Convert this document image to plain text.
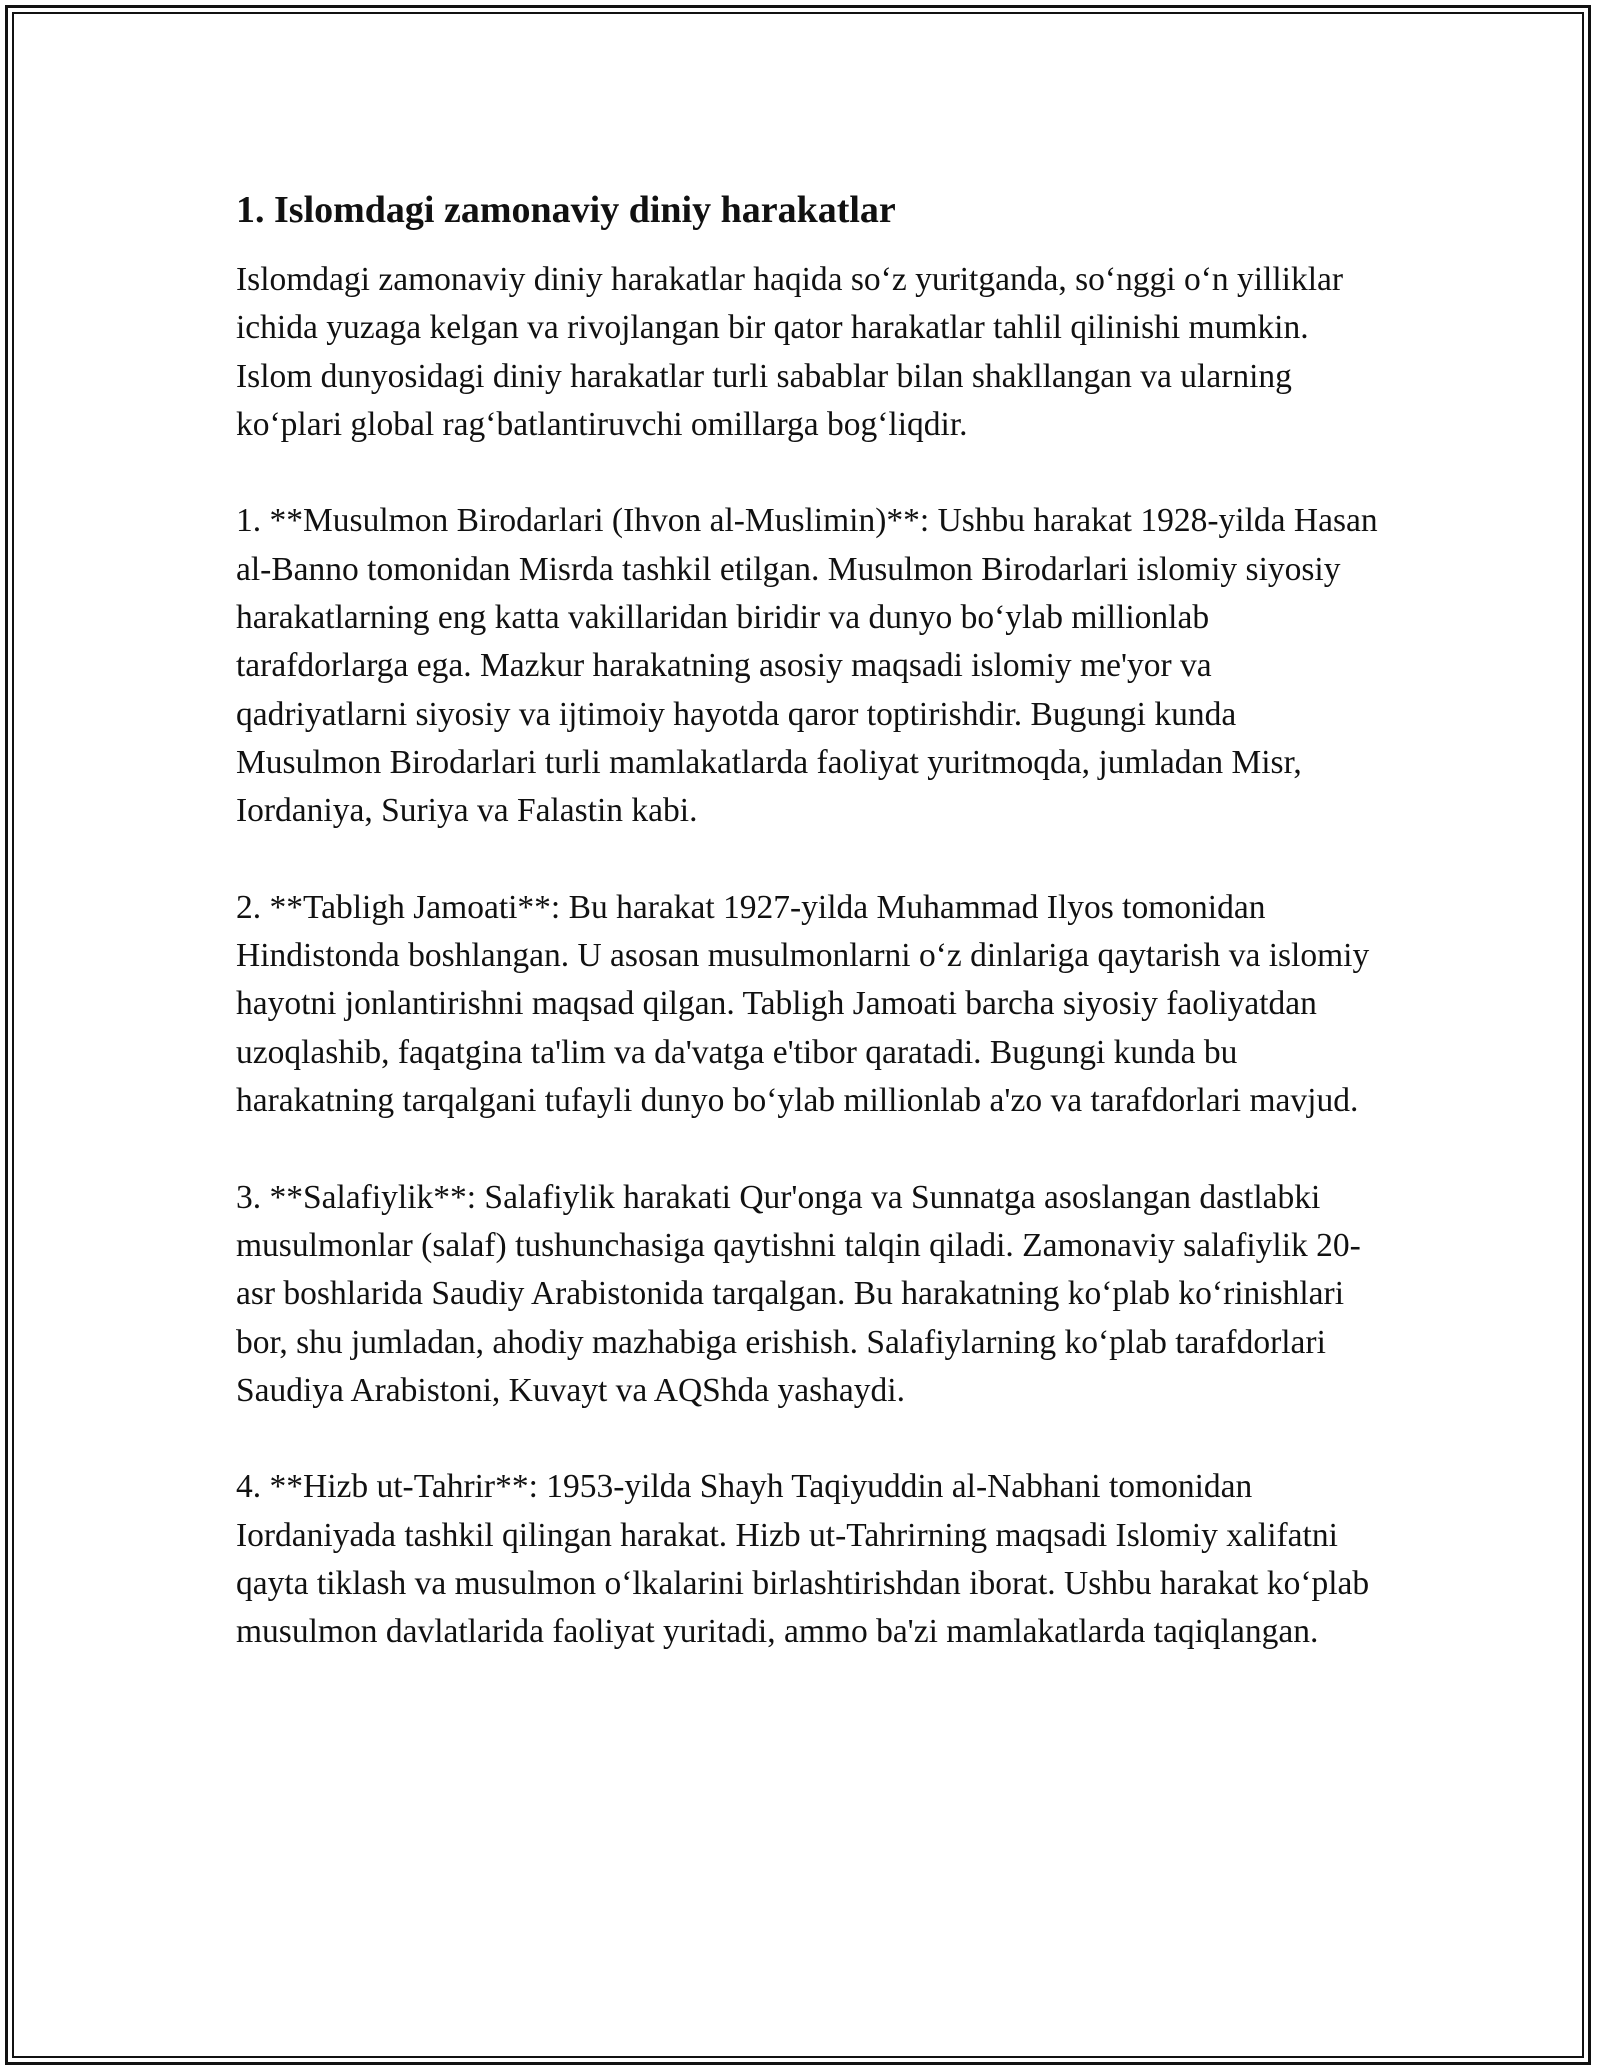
1. Islomdagi zamonaviy diniy harakatlar

Islomdagi zamonaviy diniy harakatlar haqida so‘z yuritganda, so‘nggi o‘n yilliklar ichida yuzaga kelgan va rivojlangan bir qator harakatlar tahlil qilinishi mumkin. Islom dunyosidagi diniy harakatlar turli sabablar bilan shakllangan va ularning ko‘plari global rag‘batlantiruvchi omillarga bog‘liqdir.

1. **Musulmon Birodarlari (Ihvon al-Muslimin)**: Ushbu harakat 1928-yilda Hasan al-Banno tomonidan Misrda tashkil etilgan. Musulmon Birodarlari islomiy siyosiy harakatlarning eng katta vakillaridan biridir va dunyo bo‘ylab millionlab tarafdorlarga ega. Mazkur harakatning asosiy maqsadi islomiy me'yor va qadriyatlarni siyosiy va ijtimoiy hayotda qaror toptirishdir. Bugungi kunda Musulmon Birodarlari turli mamlakatlarda faoliyat yuritmoqda, jumladan Misr, Iordaniya, Suriya va Falastin kabi.

2. **Tabligh Jamoati**: Bu harakat 1927-yilda Muhammad Ilyos tomonidan Hindistonda boshlangan. U asosan musulmonlarni o‘z dinlariga qaytarish va islomiy hayotni jonlantirishni maqsad qilgan. Tabligh Jamoati barcha siyosiy faoliyatdan uzoqlashib, faqatgina ta'lim va da'vatga e'tibor qaratadi. Bugungi kunda bu harakatning tarqalgani tufayli dunyo bo‘ylab millionlab a'zo va tarafdorlari mavjud.

3. **Salafiylik**: Salafiylik harakati Qur'onga va Sunnatga asoslangan dastlabki musulmonlar (salaf) tushunchasiga qaytishni talqin qiladi. Zamonaviy salafiylik 20-asr boshlarida Saudiy Arabistonida tarqalgan. Bu harakatning ko‘plab ko‘rinishlari bor, shu jumladan, ahodiy mazhabiga erishish. Salafiylarning ko‘plab tarafdorlari Saudiya Arabistoni, Kuvayt va AQShda yashaydi.

4. **Hizb ut-Tahrir**: 1953-yilda Shayh Taqiyuddin al-Nabhani tomonidan Iordaniyada tashkil qilingan harakat. Hizb ut-Tahrirning maqsadi Islomiy xalifatni qayta tiklash va musulmon o‘lkalarini birlashtirishdan iborat. Ushbu harakat ko‘plab musulmon davlatlarida faoliyat yuritadi, ammo ba'zi mamlakatlarda taqiqlangan.
